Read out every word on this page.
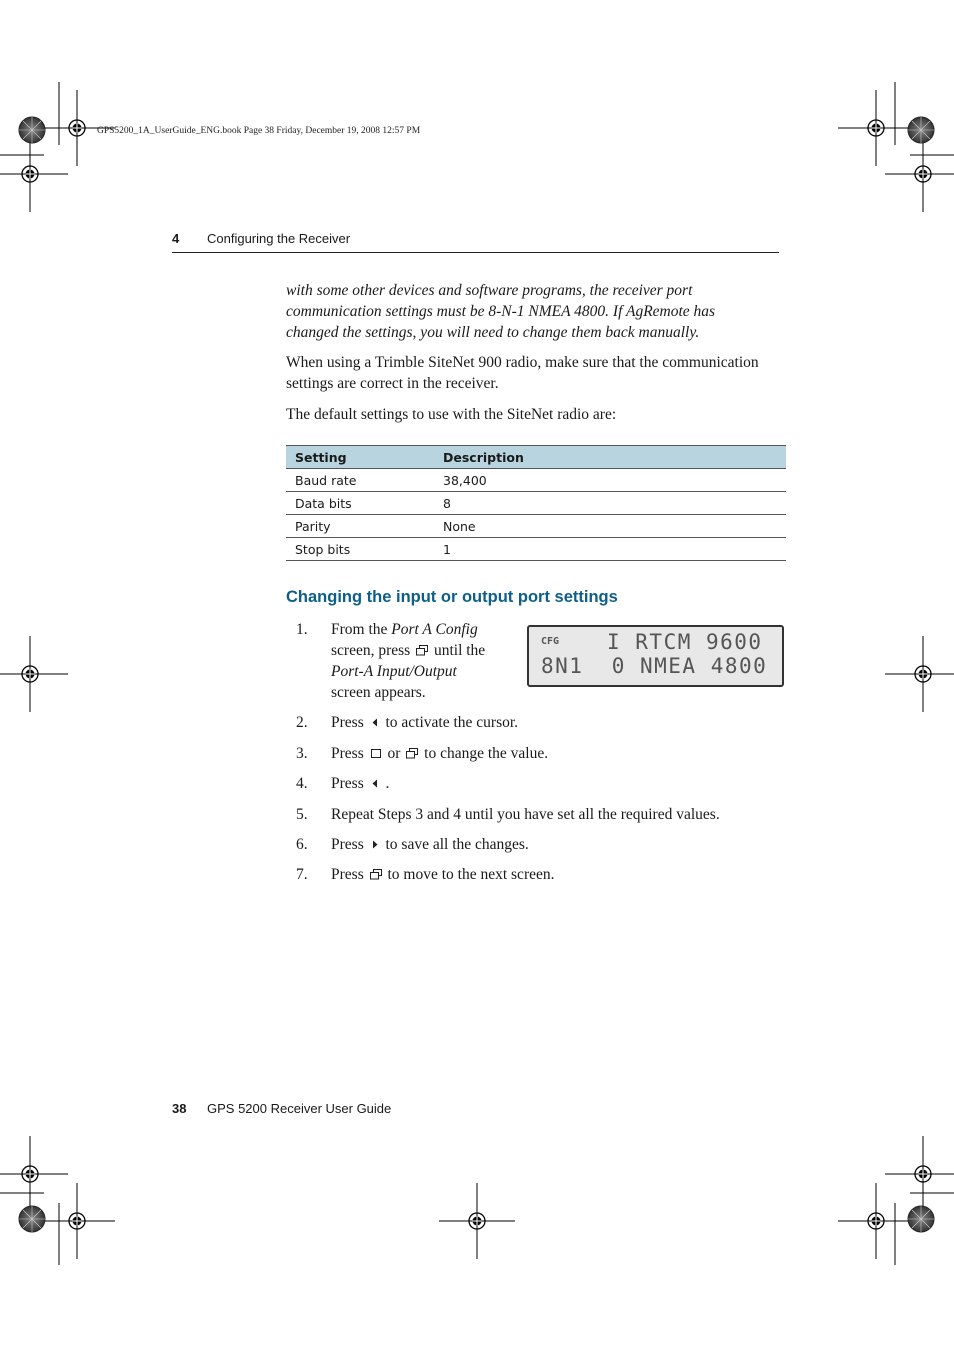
GPS5200_1A_UserGuide_ENG.book Page 38 Friday, December 19, 2008 12:57 PM
4 Configuring the Receiver
with some other devices and software programs, the receiver port communication settings must be 8-N-1 NMEA 4800. If AgRemote has changed the settings, you will need to change them back manually.
When using a Trimble SiteNet 900 radio, make sure that the communication settings are correct in the receiver.
The default settings to use with the SiteNet radio are:
Setting	Description
Baud rate	38,400
Data bits	8
Parity	None
Stop bits	1
Changing the input or output port settings
CFG I RTCM 9600
8N1  0 NMEA 4800
1. From the Port A Config
screen, press  until the
Port-A Input/Output
screen appears.
2. Press  to activate the cursor.
3. Press  or  to change the value.
4. Press  .
5. Repeat Steps 3 and 4 until you have set all the required values.
6. Press  to save all the changes.
7. Press  to move to the next screen.
38 GPS 5200 Receiver User Guide
